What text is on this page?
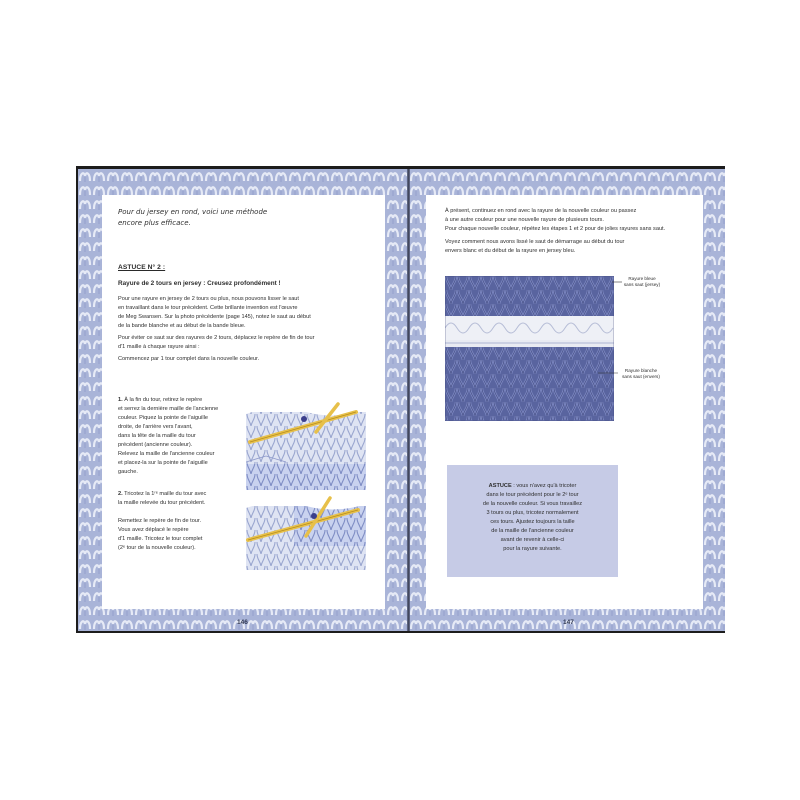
Pour du jersey en rond, voici une méthode
encore plus efficace.
ASTUCE N° 2 :
Rayure de 2 tours en jersey : Creusez profondément !
Pour une rayure en jersey de 2 tours ou plus, nous pouvons lisser le saut
en travaillant dans le tour précédent. Cette brillante invention est l'œuvre
de Meg Swansen. Sur la photo précédente (page 145), notez le saut au début
de la bande blanche et au début de la bande bleue.
Pour éviter ce saut sur des rayures de 2 tours, déplacez le repère de fin de tour
d'1 maille à chaque rayure ainsi :
Commencez par 1 tour complet dans la nouvelle couleur.
1. À la fin du tour, retirez le repère
et serrez la dernière maille de l'ancienne
couleur. Piquez la pointe de l'aiguille
droite, de l'arrière vers l'avant,
dans la tête de la maille du tour
précédent (ancienne couleur).
Relevez la maille de l'ancienne couleur
et placez-la sur la pointe de l'aiguille
gauche.
2. Tricotez la 1ʳᵉ maille du tour avec
la maille relevée du tour précédent.
Remettez le repère de fin de tour.
Vous avez déplacé le repère
d'1 maille. Tricotez le tour complet
(2ᵉ tour de la nouvelle couleur).
146
À présent, continuez en rond avec la rayure de la nouvelle couleur ou passez
à une autre couleur pour une nouvelle rayure de plusieurs tours.
Pour chaque nouvelle couleur, répétez les étapes 1 et 2 pour de jolies rayures sans saut.
Voyez comment nous avons lissé le saut de démarrage au début du tour
envers blanc et du début de la rayure en jersey bleu.
Rayure bleue
sans saut (jersey)
Rayure blanche
sans saut (envers)
ASTUCE : vous n'avez qu'à tricoter
dans le tour précédent pour le 2ᵉ tour
de la nouvelle couleur. Si vous travaillez
3 tours ou plus, tricotez normalement
ces tours. Ajustez toujours la taille
de la maille de l'ancienne couleur
avant de revenir à celle-ci
pour la rayure suivante.
147
